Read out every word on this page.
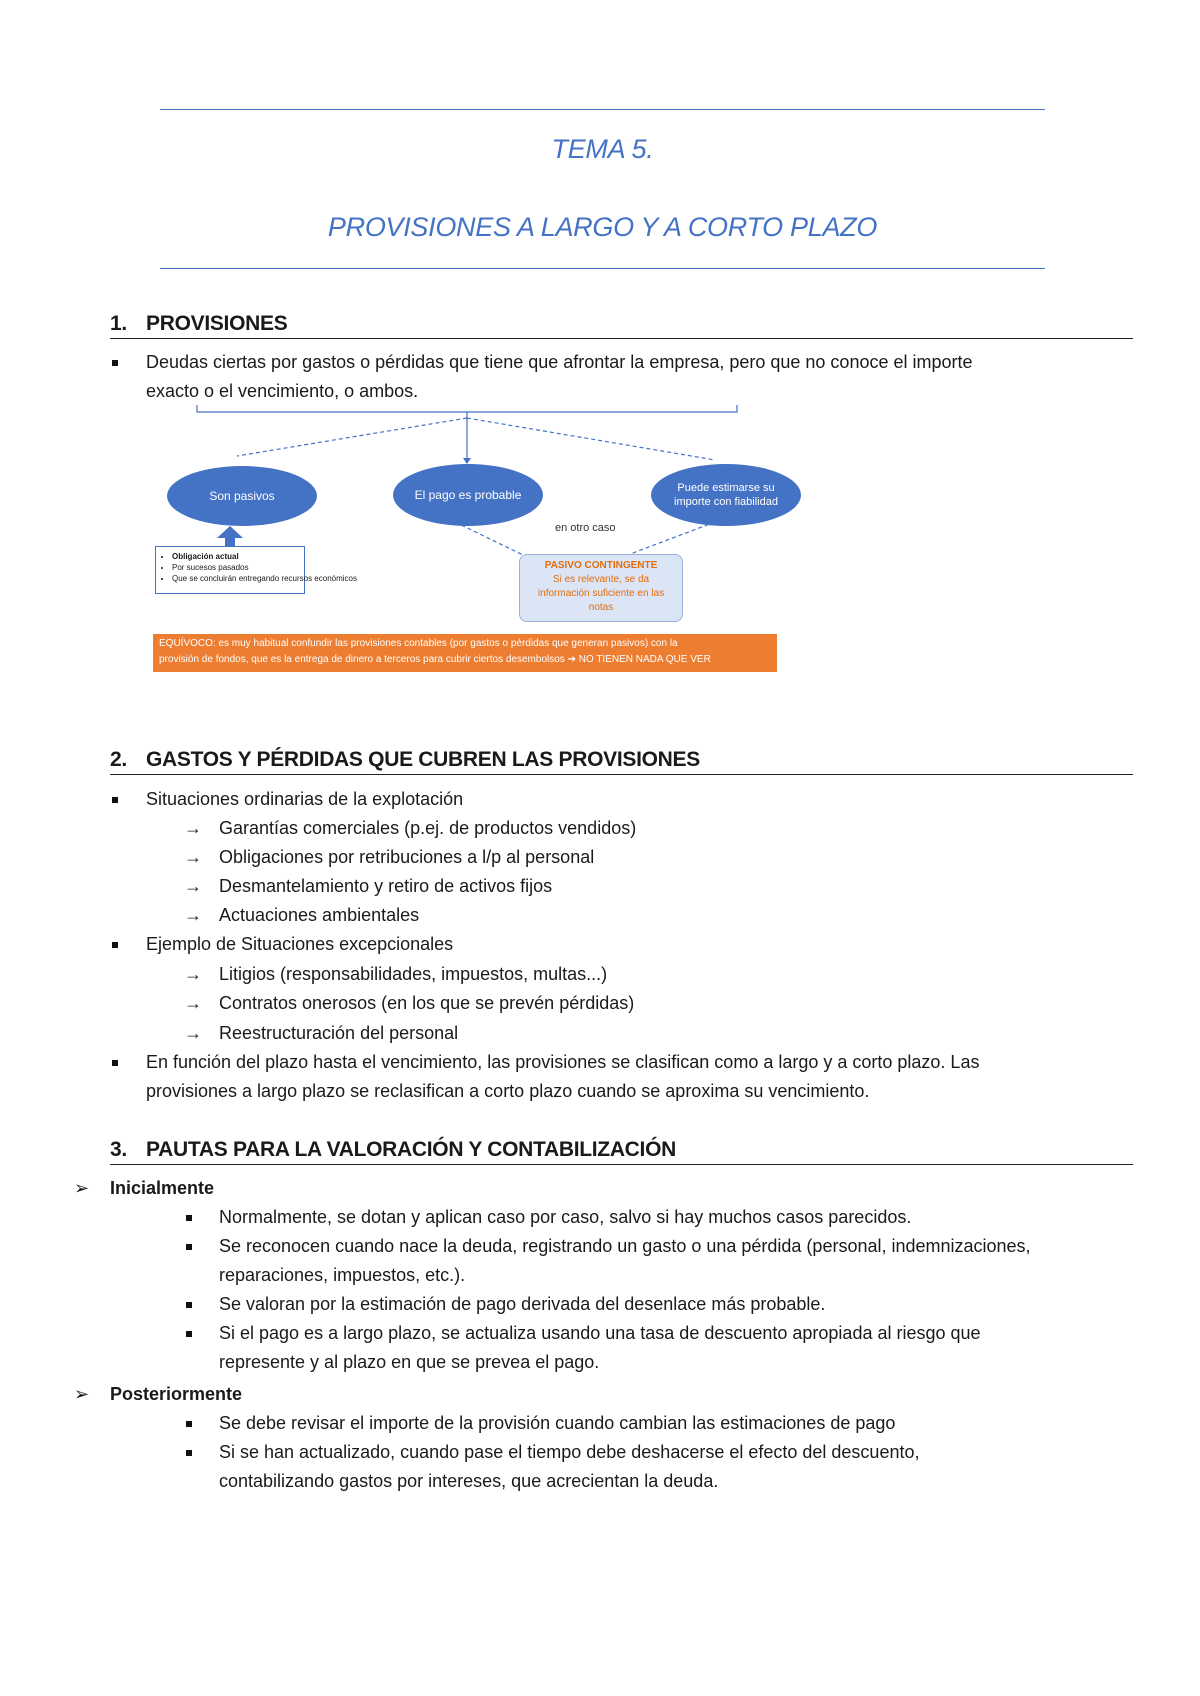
TEMA 5.
PROVISIONES A LARGO Y A CORTO PLAZO
1. PROVISIONES
Deudas ciertas por gastos o pérdidas que tiene que afrontar la empresa, pero que no conoce el importe
exacto o el vencimiento, o ambos.
Son pasivos	El pago es probable	Puede estimarse su importe con fiabilidad
• Obligación actual
• Por sucesos pasados
• Que se concluirán entregando recursos económicos
en otro caso
PASIVO CONTINGENTE
Si es relevante, se da información suficiente en las notas
EQUÍVOCO: es muy habitual confundir las provisiones contables (por gastos o pérdidas que generan pasivos) con la
provisión de fondos, que es la entrega de dinero a terceros para cubrir ciertos desembolsos ➔ NO TIENEN NADA QUE VER
2. GASTOS Y PÉRDIDAS QUE CUBREN LAS PROVISIONES
Situaciones ordinarias de la explotación
→ Garantías comerciales (p.ej. de productos vendidos)
→ Obligaciones por retribuciones a l/p al personal
→ Desmantelamiento y retiro de activos fijos
→ Actuaciones ambientales
Ejemplo de Situaciones excepcionales
→ Litigios (responsabilidades, impuestos, multas...)
→ Contratos onerosos (en los que se prevén pérdidas)
→ Reestructuración del personal
En función del plazo hasta el vencimiento, las provisiones se clasifican como a largo y a corto plazo. Las
provisiones a largo plazo se reclasifican a corto plazo cuando se aproxima su vencimiento.
3. PAUTAS PARA LA VALORACIÓN Y CONTABILIZACIÓN
➢ Inicialmente
Normalmente, se dotan y aplican caso por caso, salvo si hay muchos casos parecidos.
Se reconocen cuando nace la deuda, registrando un gasto o una pérdida (personal, indemnizaciones,
reparaciones, impuestos, etc.).
Se valoran por la estimación de pago derivada del desenlace más probable.
Si el pago es a largo plazo, se actualiza usando una tasa de descuento apropiada al riesgo que
represente y al plazo en que se prevea el pago.
➢ Posteriormente
Se debe revisar el importe de la provisión cuando cambian las estimaciones de pago
Si se han actualizado, cuando pase el tiempo debe deshacerse el efecto del descuento,
contabilizando gastos por intereses, que acrecientan la deuda.
